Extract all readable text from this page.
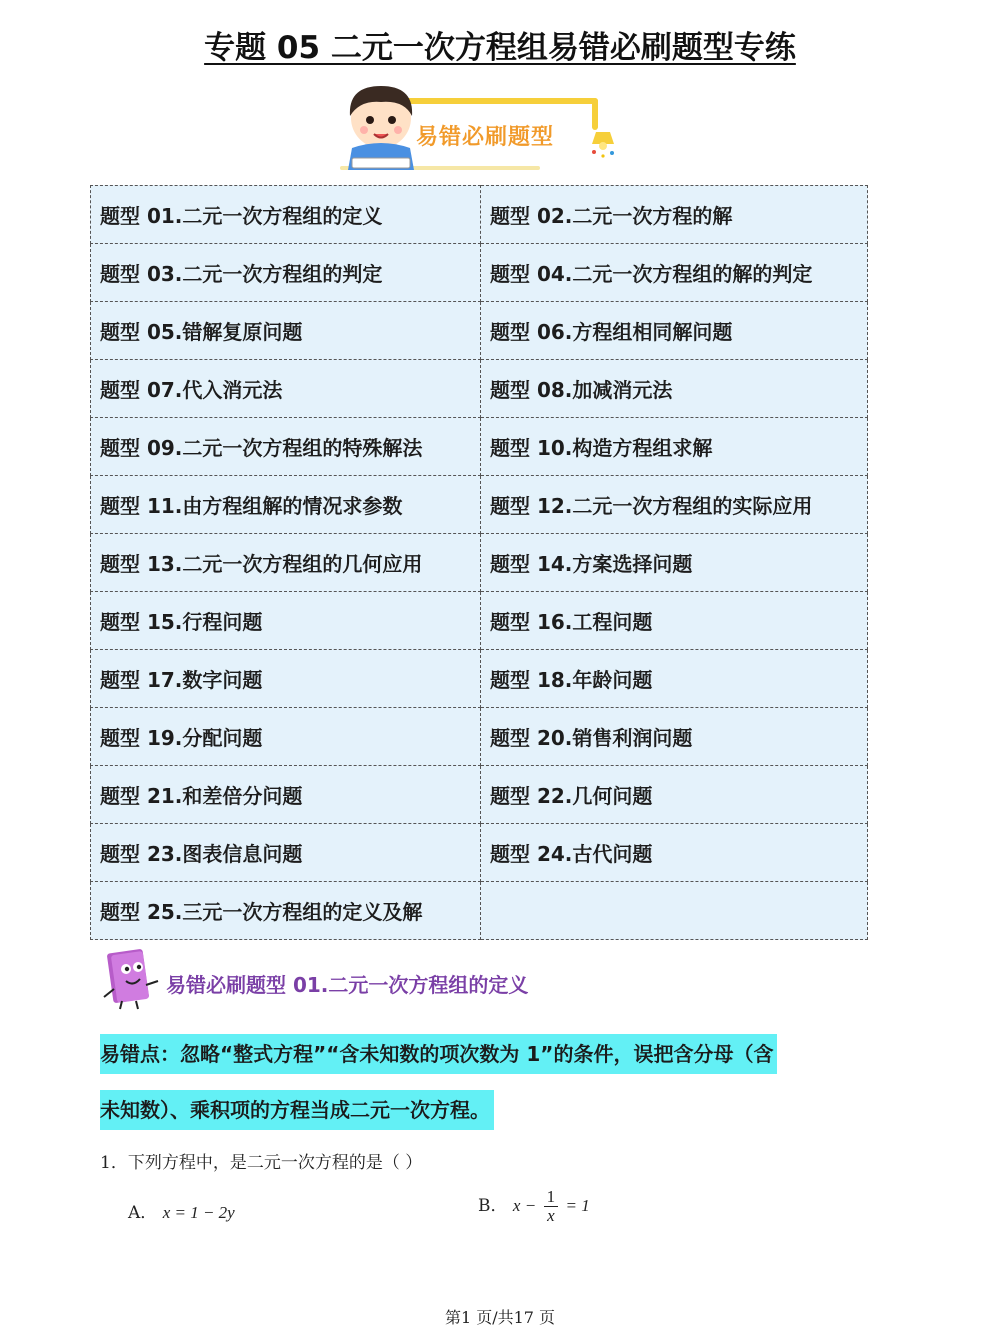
专题 05 二元一次方程组易错必刷题型专练
易错必刷题型
题型 01.二元一次方程组的定义	题型 02.二元一次方程的解
题型 03.二元一次方程组的判定	题型 04.二元一次方程组的解的判定
题型 05.错解复原问题	题型 06.方程组相同解问题
题型 07.代入消元法	题型 08.加减消元法
题型 09.二元一次方程组的特殊解法	题型 10.构造方程组求解
题型 11.由方程组解的情况求参数	题型 12.二元一次方程组的实际应用
题型 13.二元一次方程组的几何应用	题型 14.方案选择问题
题型 15.行程问题	题型 16.工程问题
题型 17.数字问题	题型 18.年龄问题
题型 19.分配问题	题型 20.销售利润问题
题型 21.和差倍分问题	题型 22.几何问题
题型 23.图表信息问题	题型 24.古代问题
题型 25.三元一次方程组的定义及解	
易错必刷题型 01.二元一次方程组的定义
易错点：忽略“整式方程”“含未知数的项次数为 1”的条件，误把含分母（含
未知数）、乘积项的方程当成二元一次方程。
1．下列方程中，是二元一次方程的是（ ）
A． x = 1 − 2y	B． $x - \frac{1}{x} = 1$
第1 页/共17 页
